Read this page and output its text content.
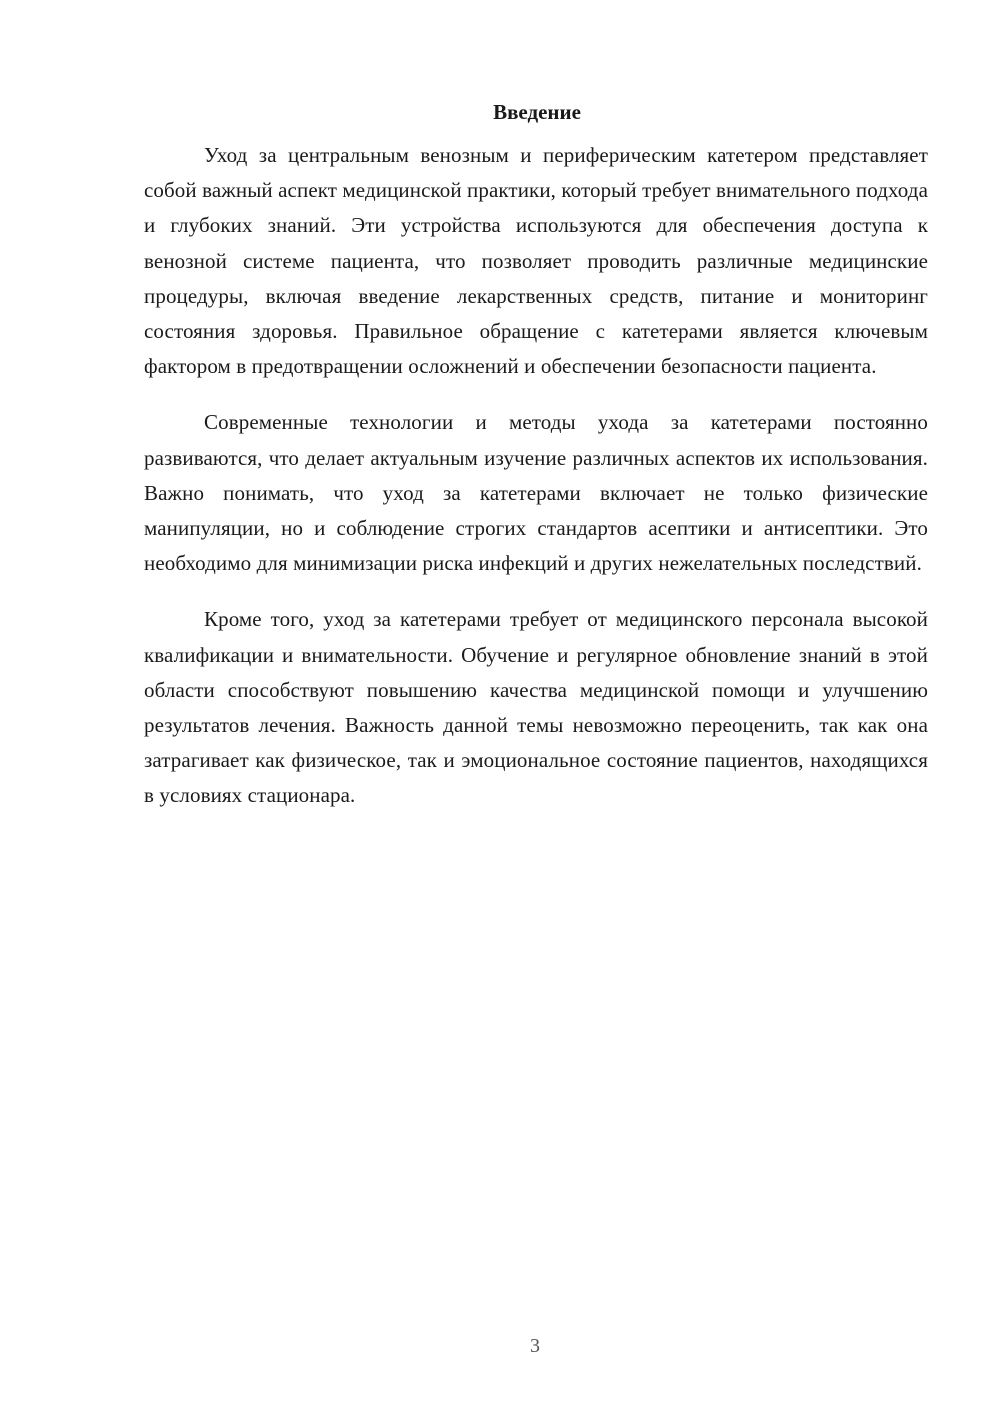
Введение

Уход за центральным венозным и периферическим катетером представляет собой важный аспект медицинской практики, который требует внимательного подхода и глубоких знаний. Эти устройства используются для обеспечения доступа к венозной системе пациента, что позволяет проводить различные медицинские процедуры, включая введение лекарственных средств, питание и мониторинг состояния здоровья. Правильное обращение с катетерами является ключевым фактором в предотвращении осложнений и обеспечении безопасности пациента.

Современные технологии и методы ухода за катетерами постоянно развиваются, что делает актуальным изучение различных аспектов их использования. Важно понимать, что уход за катетерами включает не только физические манипуляции, но и соблюдение строгих стандартов асептики и антисептики. Это необходимо для минимизации риска инфекций и других нежелательных последствий.

Кроме того, уход за катетерами требует от медицинского персонала высокой квалификации и внимательности. Обучение и регулярное обновление знаний в этой области способствуют повышению качества медицинской помощи и улучшению результатов лечения. Важность данной темы невозможно переоценить, так как она затрагивает как физическое, так и эмоциональное состояние пациентов, находящихся в условиях стационара.

3
